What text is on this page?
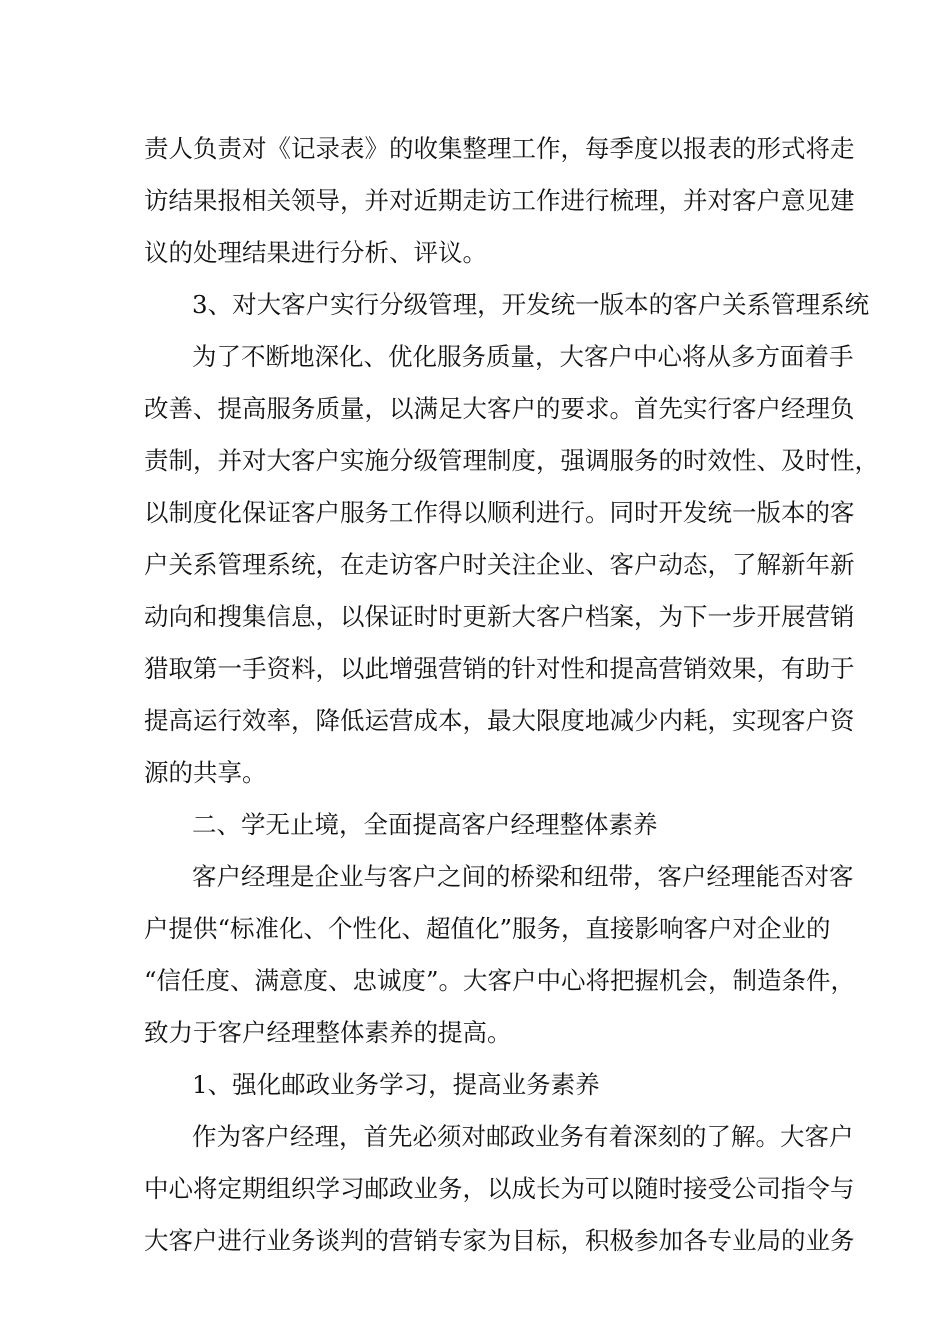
责人负责对《记录表》的收集整理工作，每季度以报表的形式将走
访结果报相关领导，并对近期走访工作进行梳理，并对客户意见建
议的处理结果进行分析、评议。
3、对大客户实行分级管理，开发统一版本的客户关系管理系统
为了不断地深化、优化服务质量，大客户中心将从多方面着手
改善、提高服务质量，以满足大客户的要求。首先实行客户经理负
责制，并对大客户实施分级管理制度，强调服务的时效性、及时性，
以制度化保证客户服务工作得以顺利进行。同时开发统一版本的客
户关系管理系统，在走访客户时关注企业、客户动态，了解新年新
动向和搜集信息，以保证时时更新大客户档案，为下一步开展营销
猎取第一手资料，以此增强营销的针对性和提高营销效果，有助于
提高运行效率，降低运营成本，最大限度地减少内耗，实现客户资
源的共享。
二、学无止境，全面提高客户经理整体素养
客户经理是企业与客户之间的桥梁和纽带，客户经理能否对客
户提供“标准化、个性化、超值化”服务，直接影响客户对企业的
“信任度、满意度、忠诚度”。大客户中心将把握机会，制造条件，
致力于客户经理整体素养的提高。
1、强化邮政业务学习，提高业务素养
作为客户经理，首先必须对邮政业务有着深刻的了解。大客户
中心将定期组织学习邮政业务，以成长为可以随时接受公司指令与
大客户进行业务谈判的营销专家为目标，积极参加各专业局的业务
